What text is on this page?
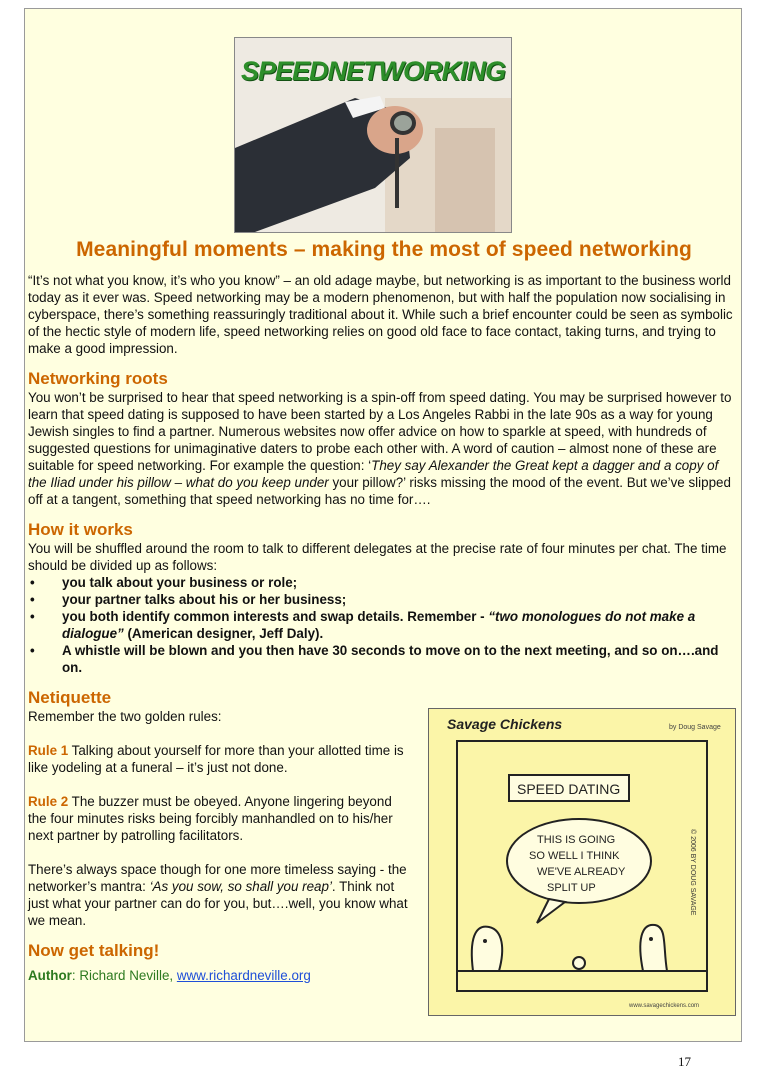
SPEEDNETWORKING
Meaningful moments – making the most of speed networking

“It’s not what you know, it’s who you know” – an old adage maybe, but networking is as important to the business world today as it ever was. Speed networking may be a modern phenomenon, but with half the population now socialising in cyberspace, there’s something reassuringly traditional about it. While such a brief encounter could be seen as symbolic of the hectic style of modern life, speed networking relies on good old face to face contact, taking turns, and trying to make a good impression.

Networking roots

You won’t be surprised to hear that speed networking is a spin-off from speed dating. You may be surprised however to learn that speed dating is supposed to have been started by a Los Angeles Rabbi in the late 90s as a way for young Jewish singles to find a partner. Numerous websites now offer advice on how to sparkle at speed, with hundreds of suggested questions for unimaginative daters to probe each other with. A word of caution – almost none of these are suitable for speed networking. For example the question: ‘They say Alexander the Great kept a dagger and a copy of the Iliad under his pillow – what do you keep under your pillow?’ risks missing the mood of the event. But we’ve slipped off at a tangent, something that speed networking has no time for….

How it works

You will be shuffled around the room to talk to different delegates at the precise rate of four minutes per chat. The time should be divided up as follows:

• you talk about your business or role;
• your partner talks about his or her business;
• you both identify common interests and swap details. Remember - “two monologues do not make a dialogue” (American designer, Jeff Daly).
• A whistle will be blown and you then have 30 seconds to move on to the next meeting, and so on….and on.
Netiquette

Remember the two golden rules:

Rule 1 Talking about yourself for more than your allotted time is like yodeling at a funeral – it’s just not done.

Rule 2 The buzzer must be obeyed. Anyone lingering beyond the four minutes risks being forcibly manhandled on to his/her next partner by patrolling facilitators.

There’s always space though for one more timeless saying - the networker’s mantra: ‘As you sow, so shall you reap’. Think not just what your partner can do for you, but….well, you know what we mean.

Now get talking!

Author: Richard Neville, www.richardneville.org

Savage Chickens	by Doug Savage
SPEED DATING
THIS IS GOING
SO WELL I THINK
WE'VE ALREADY
SPLIT UP	© 2006 BY DOUG SAVAGE
www.savagechickens.com
17
